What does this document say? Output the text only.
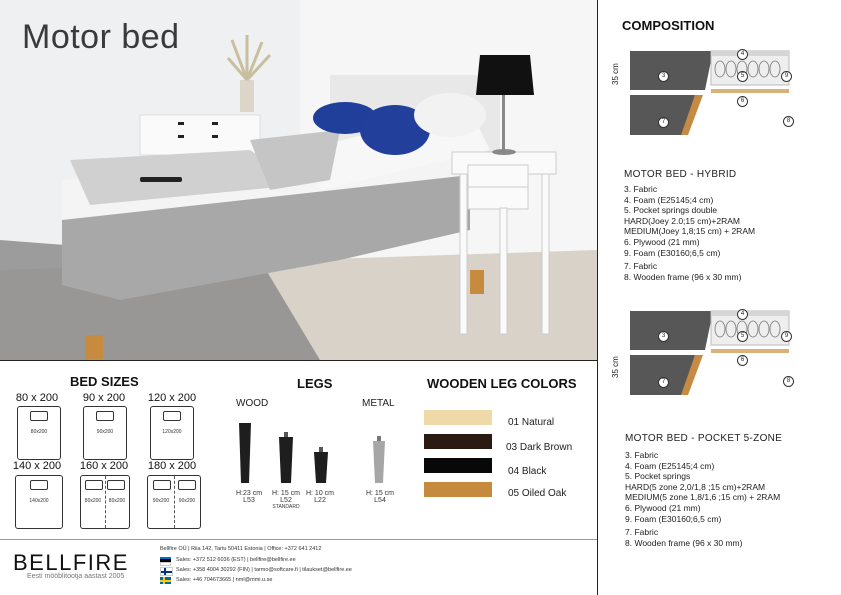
Motor bed
BED SIZES
80 x 200
80x200
90 x 200
90x200
120 x 200
120x200
140 x 200
140x200
160 x 200
80x200	80x200
180 x 200
90x200	90x200
LEGS
WOOD	METAL
H:23 cm
L53
H: 15 cm
L52
STANDARD
H: 10 cm
L22
H: 15 cm
L54
WOODEN LEG COLORS
01 Natural
03 Dark Brown
04 Black
05 Oiled Oak
BELLFIRE
Eesti mööblitootja aastast 2005
Bellfire OÜ | Riia 142, Tartu 50411 Estonia | Office: +372 641 2412
Sales: +372 512 6036 (EST) | bellfire@bellfire.ee
Sales: +358 4004 30292 (FIN) | tarmo@softcare.fi | tilaukset@bellfire.ee
Sales: +46 704673665 | nml@mmi.u.se
COMPOSITION
4
5
6
3
7
9
8
35 cm
MOTOR BED - HYBRID
3. Fabric
4. Foam (E25145;4 cm)
5. Pocket springs double
HARD(Joey 2.0;15 cm)+2RAM
MEDIUM(Joey 1,8;15 cm) + 2RAM
6. Plywood (21 mm)
9. Foam (E30160;6,5 cm)
7. Fabric
8. Wooden frame (96 x 30 mm)
4
5
6
3
7
9
8
35 cm
MOTOR BED - POCKET 5-ZONE
3. Fabric
4. Foam (E25145;4 cm)
5. Pocket springs
HARD(5 zone 2,0/1,8 ;15 cm)+2RAM
MEDIUM(5 zone 1,8/1,6 ;15 cm) + 2RAM
6. Plywood (21 mm)
9. Foam (E30160;6,5 cm)
7. Fabric
8. Wooden frame (96 x 30 mm)
